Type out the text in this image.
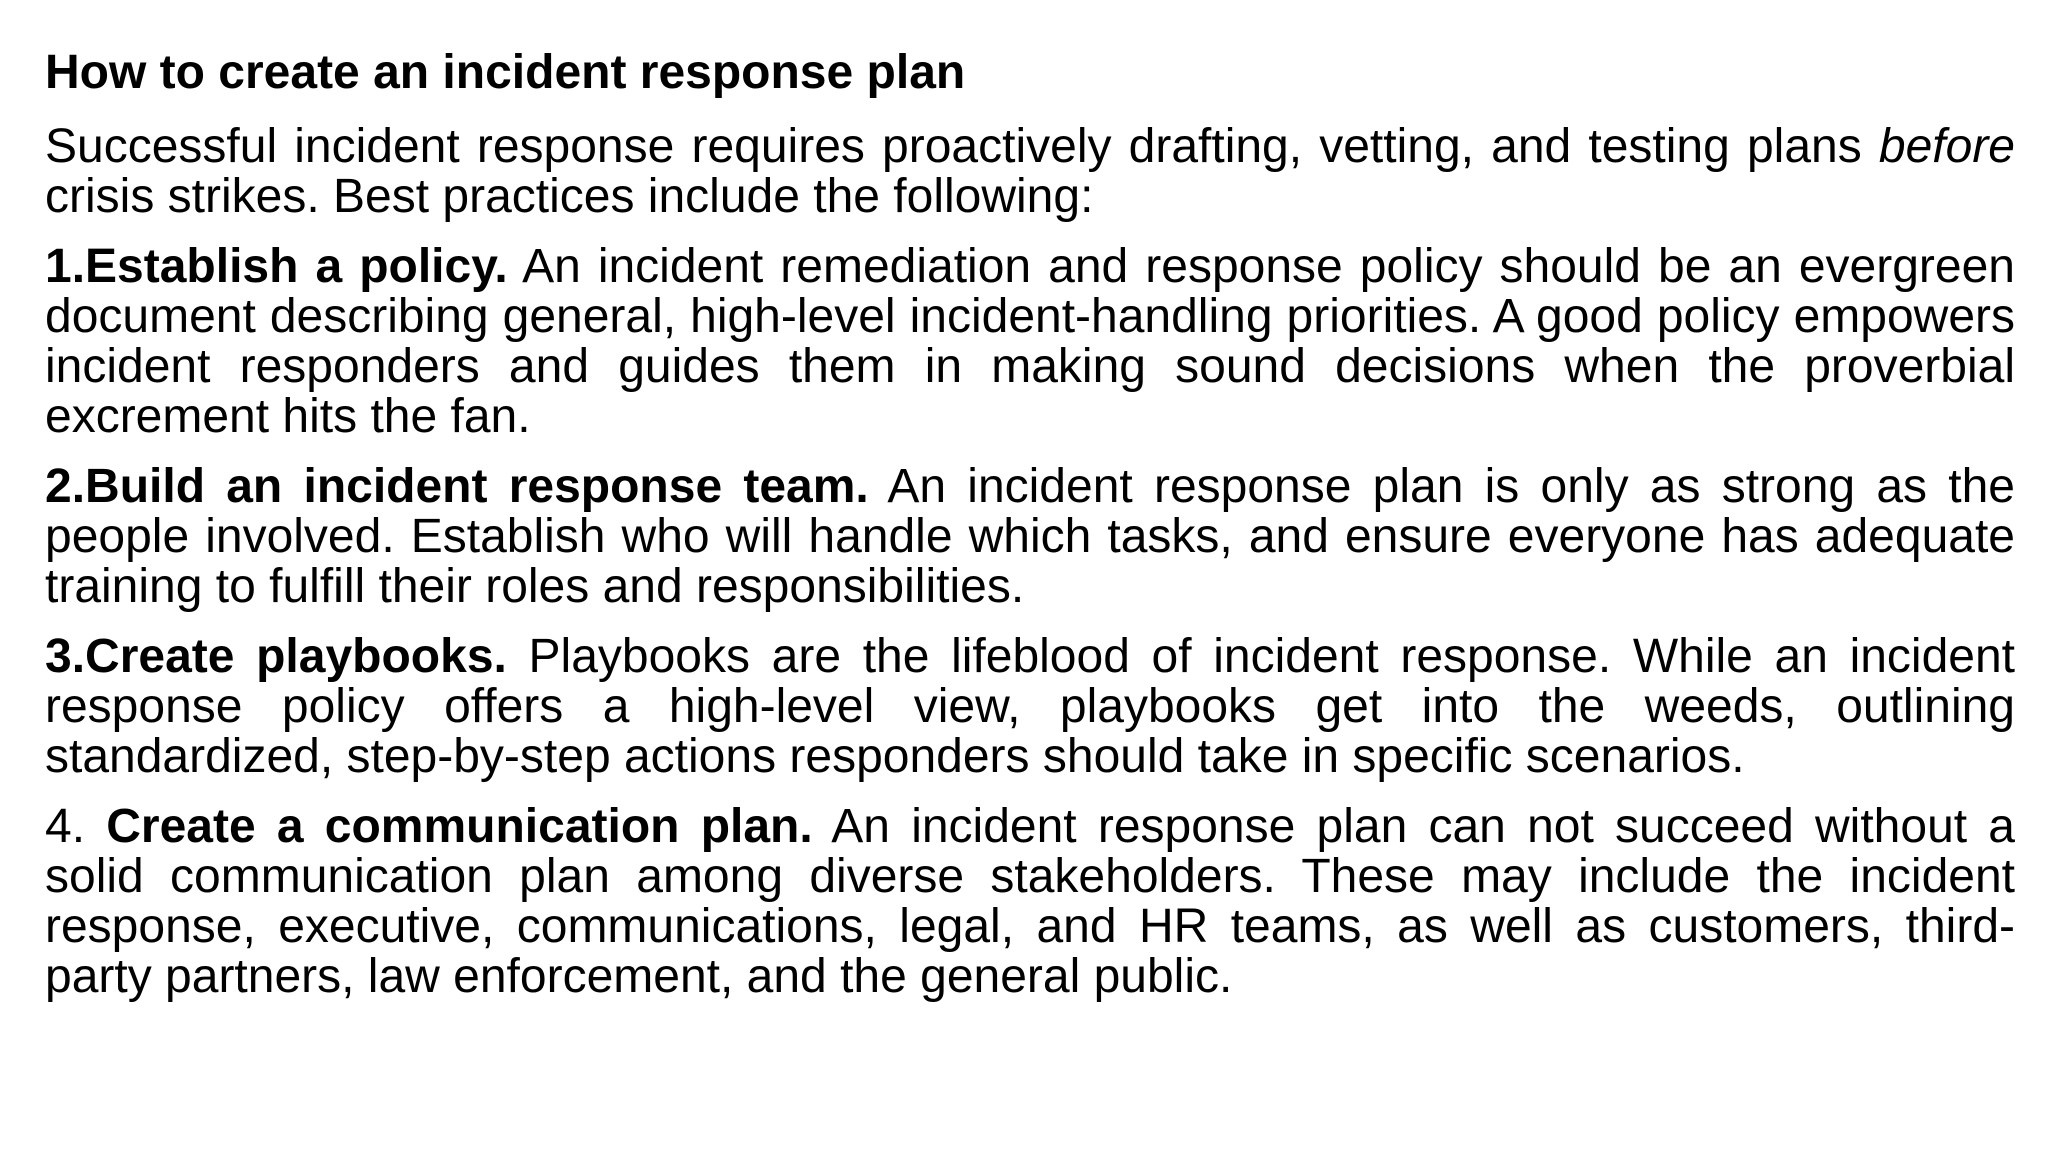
How to create an incident response plan

Successful incident response requires proactively drafting, vetting, and testing plans before crisis strikes. Best practices include the following:

1.Establish a policy. An incident remediation and response policy should be an evergreen document describing general, high-level incident-handling priorities. A good policy empowers incident responders and guides them in making sound decisions when the proverbial excrement hits the fan.

2.Build an incident response team. An incident response plan is only as strong as the people involved. Establish who will handle which tasks, and ensure everyone has adequate training to fulfill their roles and responsibilities.

3.Create playbooks. Playbooks are the lifeblood of incident response. While an incident response policy offers a high-level view, playbooks get into the weeds, outlining standardized, step-by-step actions responders should take in specific scenarios.

4. Create a communication plan. An incident response plan can not succeed without a solid communication plan among diverse stakeholders. These may include the incident response, executive, communications, legal, and HR teams, as well as customers, third-party partners, law enforcement, and the general public.
